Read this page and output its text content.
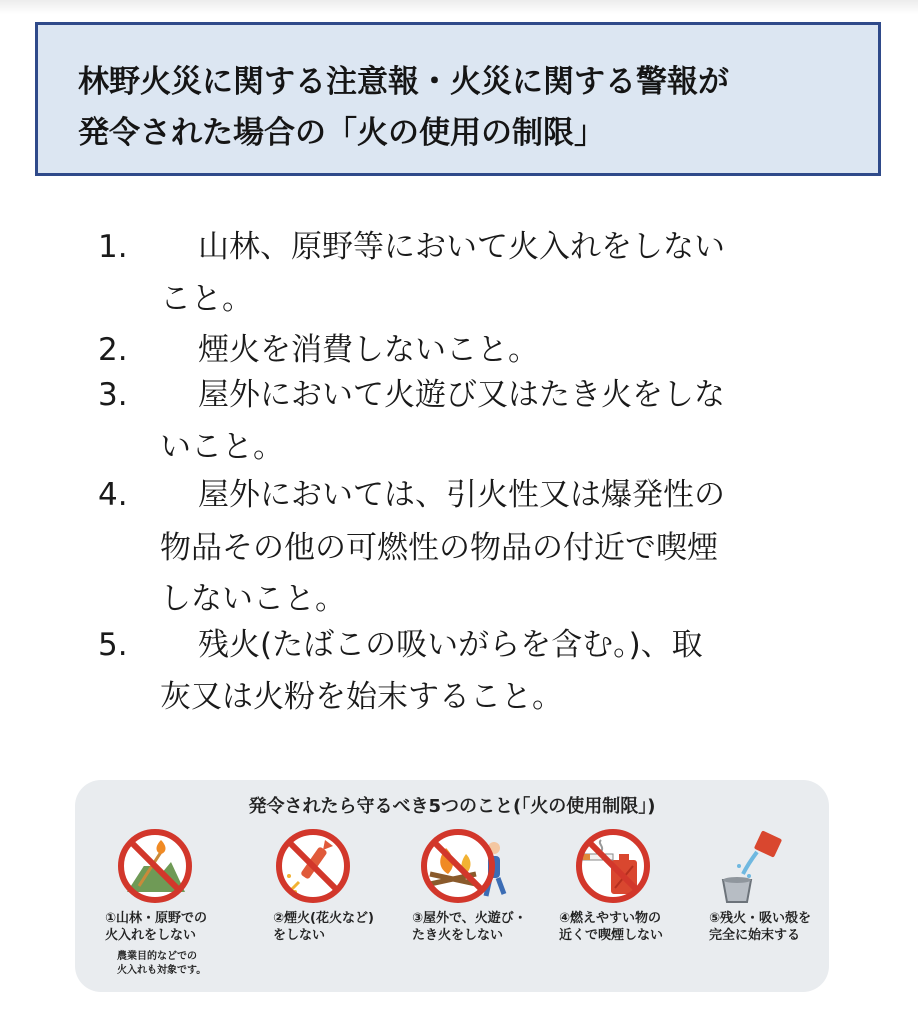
林野火災に関する注意報・火災に関する警報が
発令された場合の「火の使用の制限」
1. 山林、原野等において火入れをしない
こと。
2. 煙火を消費しないこと。
3. 屋外において火遊び又はたき火をしな
いこと。
4. 屋外においては、引火性又は爆発性の
物品その他の可燃性の物品の付近で喫煙
しないこと。
5. 残火(たばこの吸いがらを含む。)、取
灰又は火粉を始末すること。
発令されたら守るべき5つのこと(「火の使用制限」)
①山林・原野での
火入れをしない
農業目的などでの
火入れも対象です。
②煙火(花火など)
をしない
③屋外で、火遊び・
たき火をしない
④燃えやすい物の
近くで喫煙しない
⑤残火・吸い殻を
完全に始末する
